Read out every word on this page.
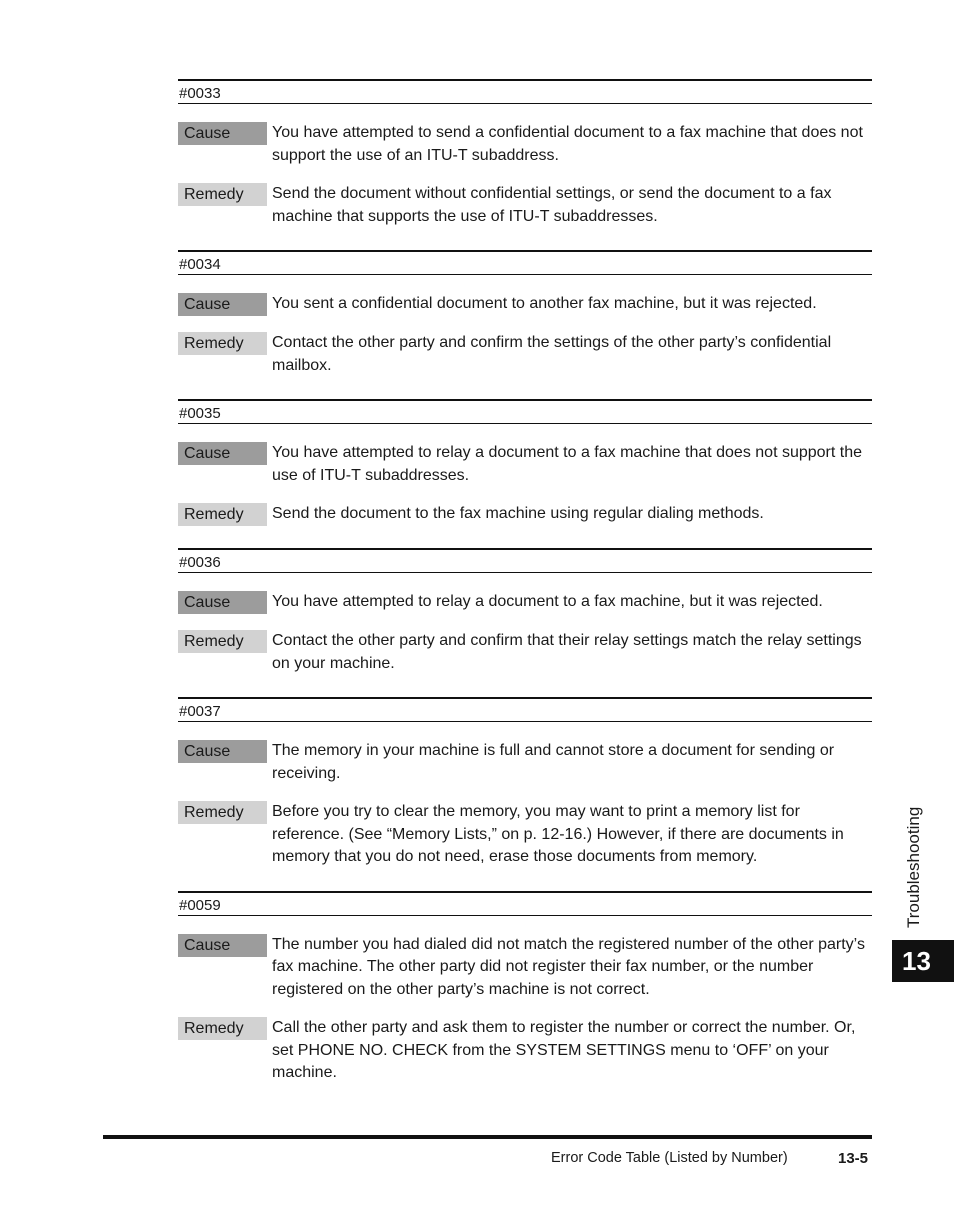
#0033
Cause	You have attempted to send a confidential document to a fax machine that does not support the use of an ITU-T subaddress.
Remedy	Send the document without confidential settings, or send the document to a fax machine that supports the use of ITU-T subaddresses.
#0034
Cause	You sent a confidential document to another fax machine, but it was rejected.
Remedy	Contact the other party and confirm the settings of the other party’s confidential mailbox.
#0035
Cause	You have attempted to relay a document to a fax machine that does not support the use of ITU-T subaddresses.
Remedy	Send the document to the fax machine using regular dialing methods.
#0036
Cause	You have attempted to relay a document to a fax machine, but it was rejected.
Remedy	Contact the other party and confirm that their relay settings match the relay settings on your machine.
#0037
Cause	The memory in your machine is full and cannot store a document for sending or receiving.
Remedy	Before you try to clear the memory, you may want to print a memory list for reference. (See “Memory Lists,” on p. 12-16.) However, if there are documents in memory that you do not need, erase those documents from memory.
#0059
Cause	The number you had dialed did not match the registered number of the other party’s fax machine. The other party did not register their fax number, or the number registered on the other party’s machine is not correct.
Remedy	Call the other party and ask them to register the number or correct the number. Or, set PHONE NO. CHECK from the SYSTEM SETTINGS menu to ‘OFF’ on your machine.
Troubleshooting
13
Error Code Table (Listed by Number)	13-5
